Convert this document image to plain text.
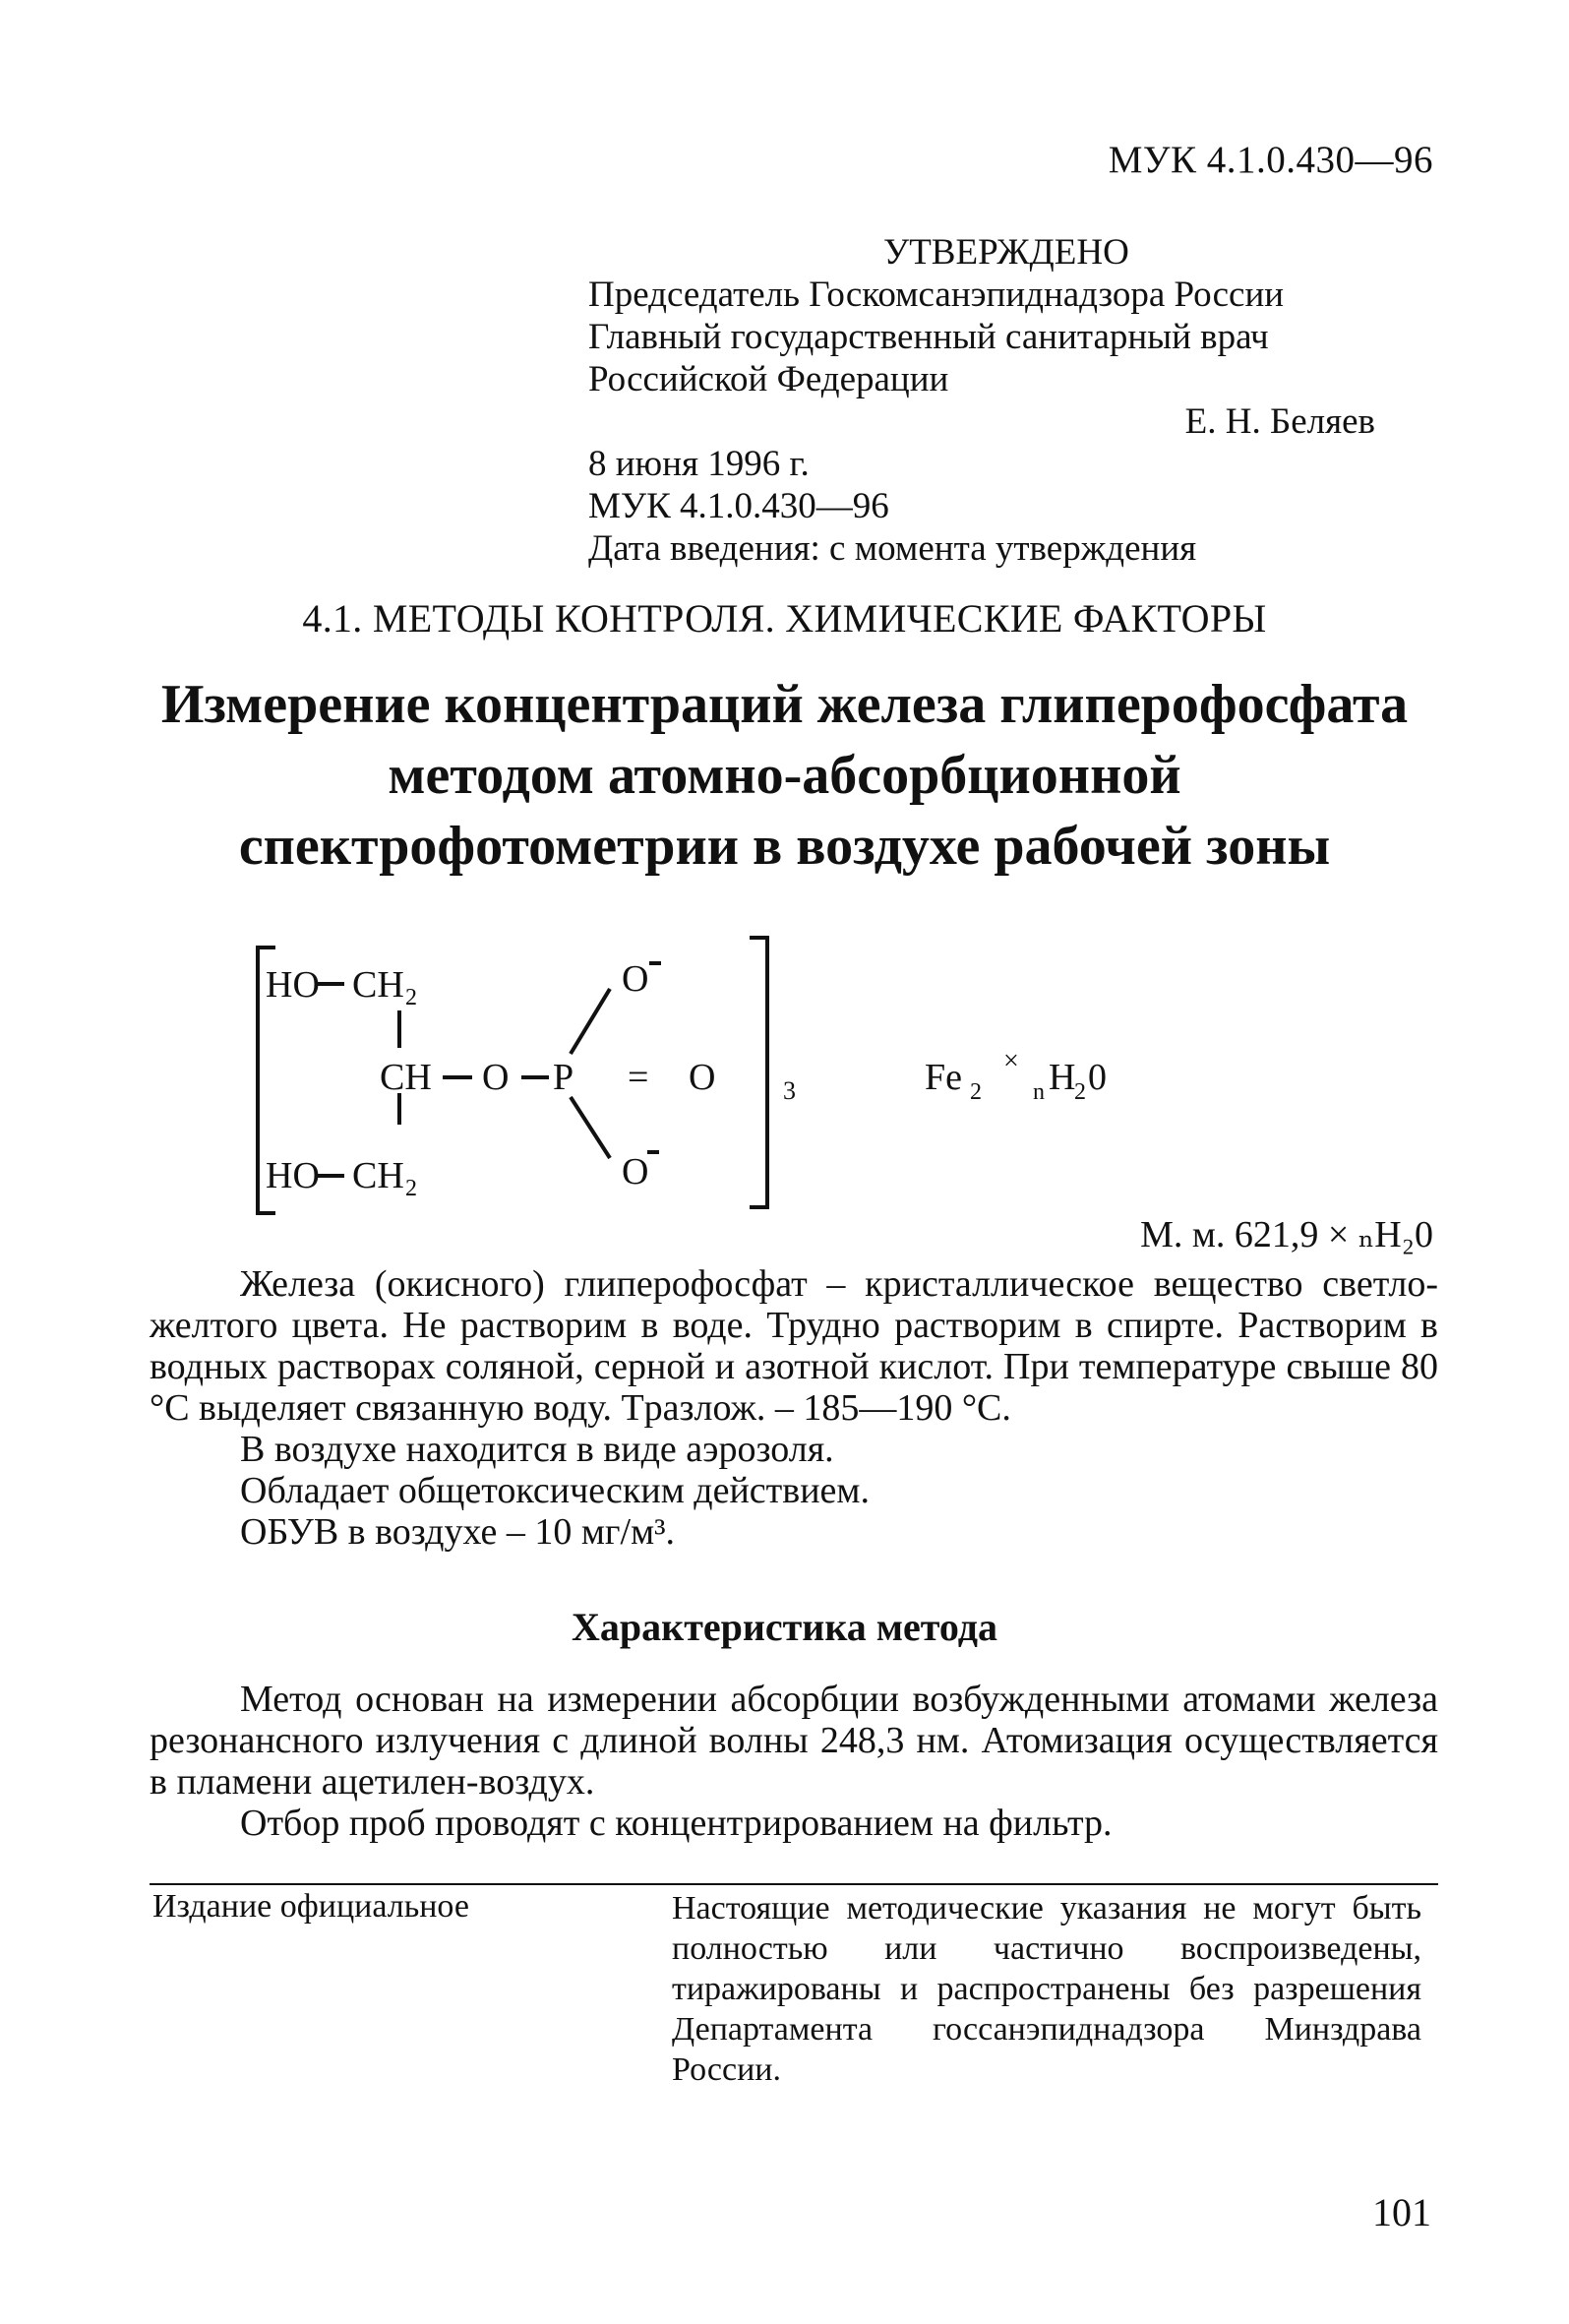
МУК 4.1.0.430—96
УТВЕРЖДЕНО
Председатель Госкомсанэпиднадзора России
Главный государственный санитарный врач
Российской Федерации
Е. Н. Беляев
8 июня 1996 г.
МУК 4.1.0.430—96
Дата введения: с момента утверждения
4.1. МЕТОДЫ КОНТРОЛЯ. ХИМИЧЕСКИЕ ФАКТОРЫ
Измерение концентраций железа глиперофосфата
методом атомно-абсорбционной
спектрофотометрии в воздухе рабочей зоны
HO CH 2
CH O P = O
O
O
HO CH 2
3	Fe 2
×
n H
2 0
М. м. 621,9 × ₙH₂0

Железа (окисного) глиперофосфат – кристаллическое вещество светло-желтого цвета. Не растворим в воде. Трудно растворим в спирте. Растворим в водных растворах соляной, серной и азотной кислот. При температуре свыше 80 °С выделяет связанную воду. Tразлож. – 185—190 °С.

В воздухе находится в виде аэрозоля.

Обладает общетоксическим действием.

ОБУВ в воздухе – 10 мг/м³.

Характеристика метода

Метод основан на измерении абсорбции возбужденными атомами железа резонансного излучения с длиной волны 248,3 нм. Атомизация осуществляется в пламени ацетилен-воздух.

Отбор проб проводят с концентрированием на фильтр.

Издание официальное	Настоящие методические указания не могут быть полностью или частично воспроизведены, тиражированы и распространены без разрешения Департамента госсанэпиднадзора Минздрава России.
101
